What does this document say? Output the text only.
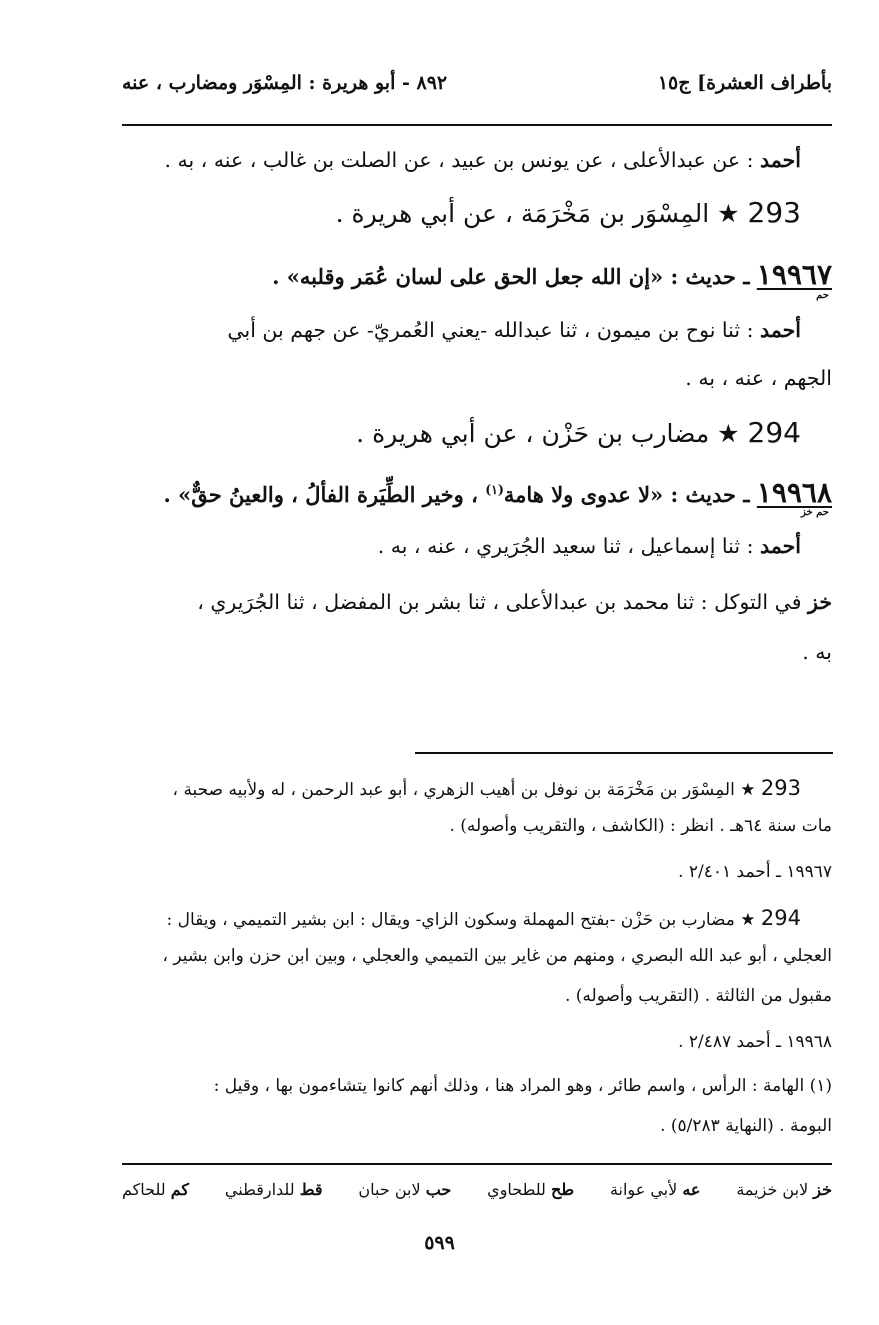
بأطراف العشرة] ج١٥
٨٩٢ - أبو هريرة : المِسْوَر ومضارب ، عنه
أحمد : عن عبدالأعلى ، عن يونس بن عبيد ، عن الصلت بن غالب ، عنه ، به .
293 ★ المِسْوَر بن مَخْرَمَة ، عن أبي هريرة .
١٩٩٦٧ ـ حديث : «إن الله جعل الحق على لسان عُمَر وقلبه» .
حم
أحمد : ثنا نوح بن ميمون ، ثنا عبدالله -يعني العُمريّ- عن جهم بن أبي
الجهم ، عنه ، به .
294 ★ مضارب بن حَزْن ، عن أبي هريرة .
١٩٩٦٨ ـ حديث : «لا عدوى ولا هامة$^{(١)}$ ، وخير الطِّيَرة الفألُ ، والعينُ حقٌّ» .
حم خز
أحمد : ثنا إسماعيل ، ثنا سعيد الجُرَيري ، عنه ، به .
خز في التوكل : ثنا محمد بن عبدالأعلى ، ثنا بشر بن المفضل ، ثنا الجُرَيري ،
به .
293 ★ المِسْوَر بن مَخْرَمَة بن نوفل بن أهيب الزهري ، أبو عبد الرحمن ، له ولأبيه صحبة ،
مات سنة ٦٤هـ . انظر : (الكاشف ، والتقريب وأصوله) .
١٩٩٦٧ ـ أحمد ٢/٤٠١ .
294 ★ مضارب بن حَزْن -بفتح المهملة وسكون الزاي- ويقال : ابن بشير التميمي ، ويقال :
العجلي ، أبو عبد الله البصري ، ومنهم من غاير بين التميمي والعجلي ، وبين ابن حزن وابن بشير ،
مقبول من الثالثة . (التقريب وأصوله) .
١٩٩٦٨ ـ أحمد ٢/٤٨٧ .
(١) الهامة : الرأس ، واسم طائر ، وهو المراد هنا ، وذلك أنهم كانوا يتشاءمون بها ، وقيل :
البومة . (النهاية ٥/٢٨٣) .
خز لابن خزيمة
عه لأبي عوانة
طح للطحاوي
حب لابن حبان
قط للدارقطني
كم للحاكم
٥٩٩
